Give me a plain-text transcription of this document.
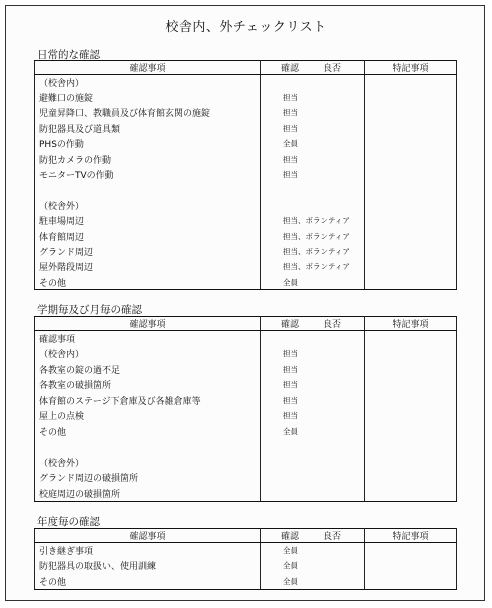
校舎内、外チェックリスト
日常的な確認
確認事項	確認 良否	特記事項
（校舎内）		
避難口の施錠	担当	
児童昇降口、教職員及び体育館玄関の施錠	担当	
防犯器具及び道具類	担当	
PHSの作動	全員	
防犯カメラの作動	担当	
モニターTVの作動	担当	

（校舎外）		
駐車場周辺	担当、ボランティア	
体育館周辺	担当、ボランティア	
グランド周辺	担当、ボランティア	
屋外階段周辺	担当、ボランティア	
その他	全員	
学期毎及び月毎の確認
確認事項	確認 良否	特記事項
確認事項		
（校舎内）	担当	
各教室の錠の過不足	担当	
各教室の破損箇所	担当	
体育館のステージ下倉庫及び各雑倉庫等	担当	
屋上の点検	担当	
その他	全員	

（校舎外）		
グランド周辺の破損箇所		
校庭周辺の破損箇所		
年度毎の確認
確認事項	確認 良否	特記事項
引き継ぎ事項	全員	
防犯器具の取扱い、使用訓練	全員	
その他	全員	
